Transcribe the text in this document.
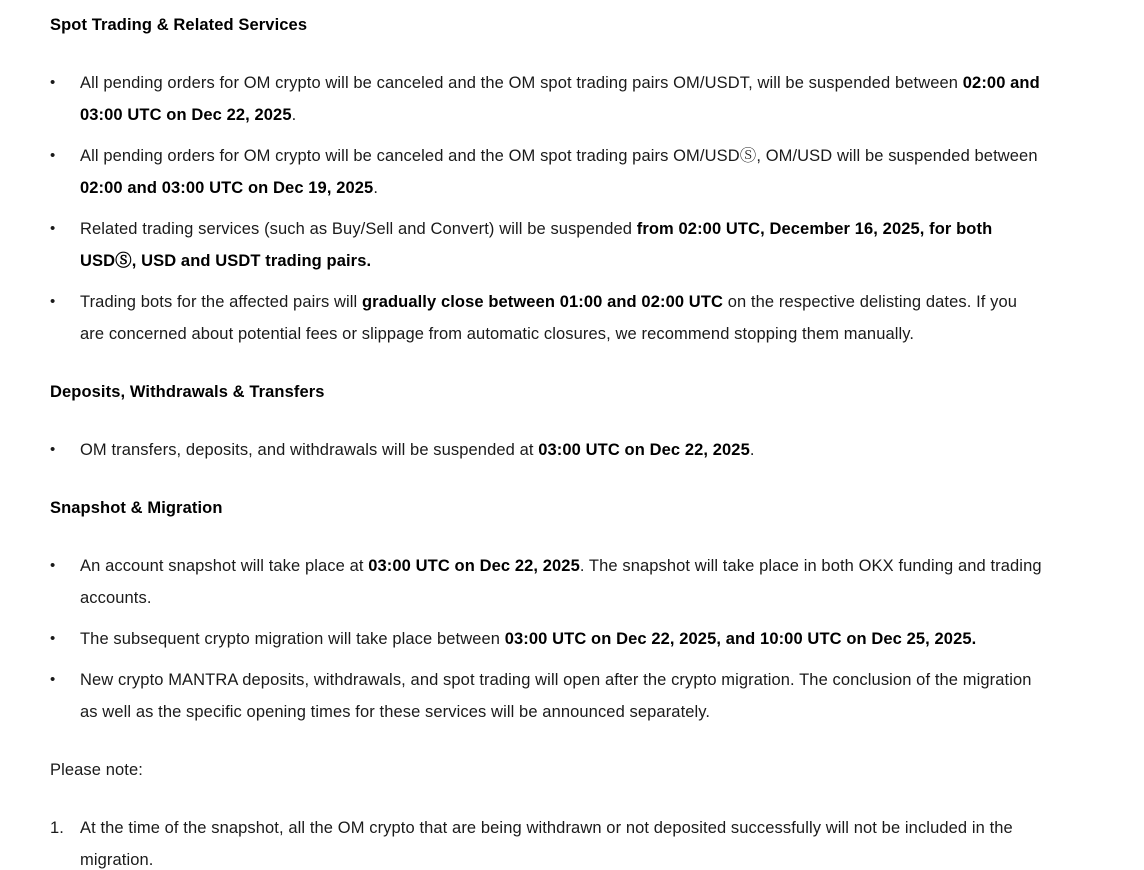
Spot Trading & Related Services
• All pending orders for OM crypto will be canceled and the OM spot trading pairs OM/USDT, will be suspended between 02:00 and 03:00 UTC on Dec 22, 2025.
• All pending orders for OM crypto will be canceled and the OM spot trading pairs OM/USDⓈ, OM/USD will be suspended between 02:00 and 03:00 UTC on Dec 19, 2025.
• Related trading services (such as Buy/Sell and Convert) will be suspended from 02:00 UTC, December 16, 2025, for both USDⓈ, USD and USDT trading pairs.
• Trading bots for the affected pairs will gradually close between 01:00 and 02:00 UTC on the respective delisting dates. If you are concerned about potential fees or slippage from automatic closures, we recommend stopping them manually.
Deposits, Withdrawals & Transfers
• OM transfers, deposits, and withdrawals will be suspended at 03:00 UTC on Dec 22, 2025.
Snapshot & Migration
• An account snapshot will take place at 03:00 UTC on Dec 22, 2025. The snapshot will take place in both OKX funding and trading accounts.
• The subsequent crypto migration will take place between 03:00 UTC on Dec 22, 2025, and 10:00 UTC on Dec 25, 2025.
• New crypto MANTRA deposits, withdrawals, and spot trading will open after the crypto migration. The conclusion of the migration as well as the specific opening times for these services will be announced separately.

Please note:

1. At the time of the snapshot, all the OM crypto that are being withdrawn or not deposited successfully will not be included in the migration.
